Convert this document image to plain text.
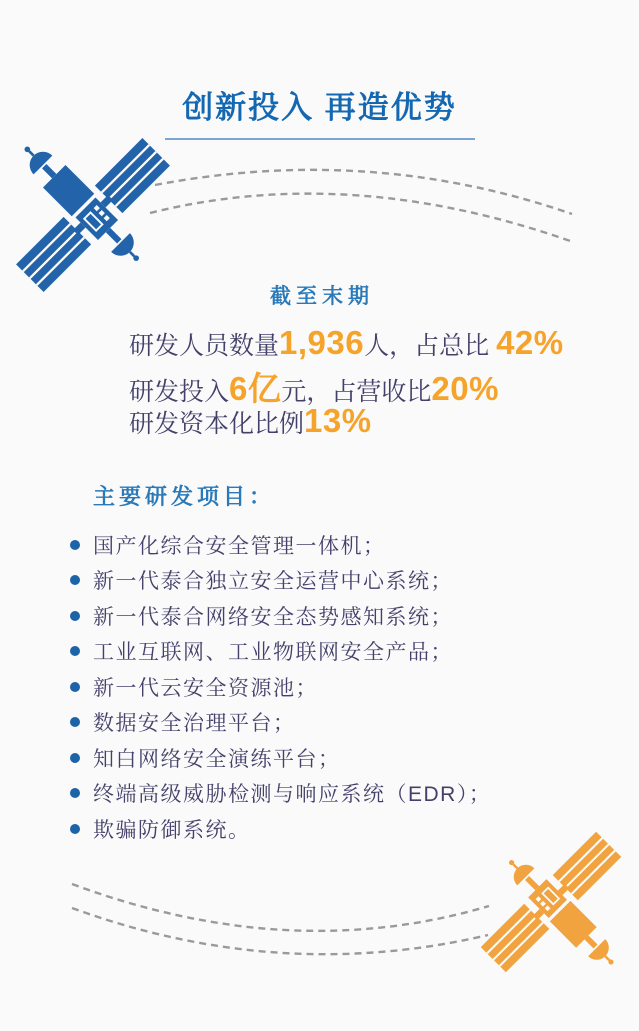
创新投入 再造优势
截至末期
研发人员数量 1,936 人，占总比 42%
研发投入 6亿 元，占营收比 20%
研发资本化比例 13%
主要研发项目：
国产化综合安全管理一体机；
新一代泰合独立安全运营中心系统；
新一代泰合网络安全态势感知系统；
工业互联网、工业物联网安全产品；
新一代云安全资源池；
数据安全治理平台；
知白网络安全演练平台；
终端高级威胁检测与响应系统（EDR）；
欺骗防御系统。
